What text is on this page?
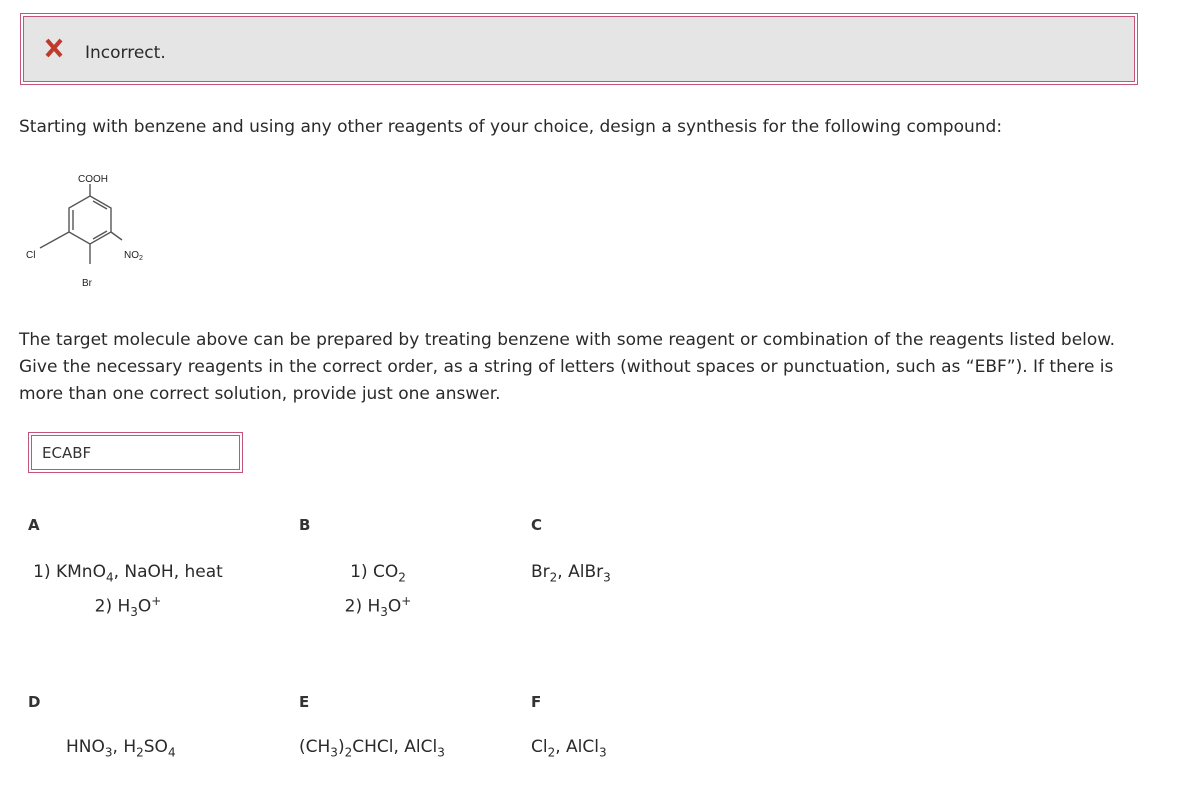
Incorrect.
Starting with benzene and using any other reagents of your choice, design a synthesis for the following compound:
COOH
Cl	$NO_2$
Br
The target molecule above can be prepared by treating benzene with some reagent or combination of the reagents listed below. Give the necessary reagents in the correct order, as a string of letters (without spaces or punctuation, such as “EBF”). If there is more than one correct solution, provide just one answer.
ECABF
A
1) KMnO$_4$, NaOH, heat
2) $H_3O^+$
B
1) $CO_2$
2) $H_3O^+$
C
$Br_2$, AlBr$_3$
D
$HNO_3$, $H_2SO_4$
E
$(CH_3)_2CHCl$, AlCl$_3$
F
$Cl_2$, AlCl$_3$
